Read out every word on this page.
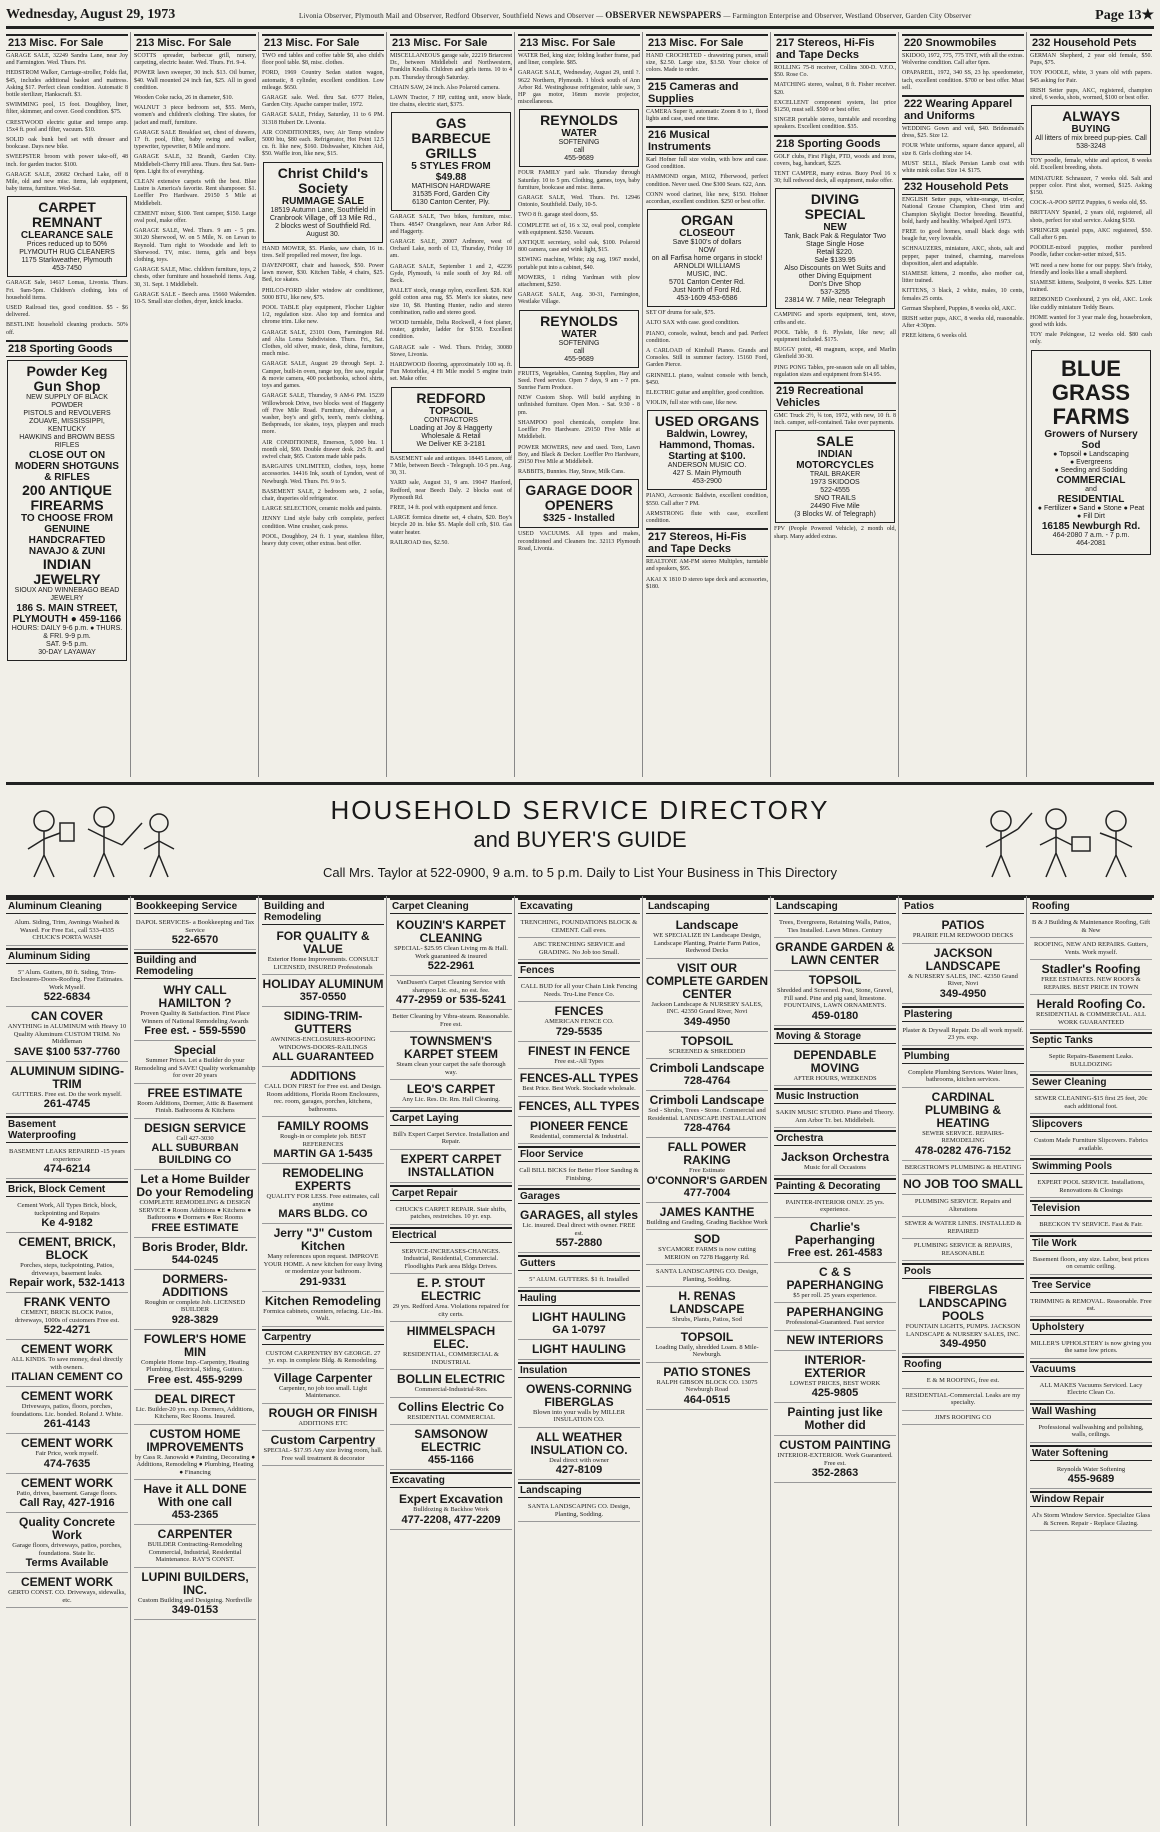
Wednesday, August 29, 1973	Livonia Observer, Plymouth Mail and Observer, Redford Observer, Southfield News and Observer — OBSERVER NEWSPAPERS — Farmington Enterprise and Observer, Westland Observer, Garden City Observer	Page 13★
213 Misc. For Sale
GARAGE SALE, 32249 Sandra Lane, near Joy and Farmington. Wed. Thurs. Fri.
HEDSTROM Walker, Carriage-stroller, Folds flat, $45, includes additional basket and mattress. Asking $17. Perfect clean condition. Automatic 8 bottle sterilizer, Hankscraft. $3.
SWIMMING pool, 15 foot. Doughboy, liner, filter, skimmer, and cover. Good condition. $75.
CRESTWOOD electric guitar and tempo amp. 15x4 ft. pool and filter, vacuum. $10.
SOLID oak bunk bed set with dresser and bookcase. Days new bike.
SWEEPSTER broom with power take-off, 48 inch. for garden tractor. $100.
GARAGE SALE, 20682 Orchard Lake, off 8 Mile, old and new misc. items, lab equipment, baby items, furniture. Wed-Sat.
CARPET REMNANT
CLEARANCE SALE
Prices reduced up to 50%
PLYMOUTH RUG CLEANERS
1175 Starkweather, Plymouth
453-7450
GARAGE Sale, 14617 Lomas, Livonia. Thurs. Fri. 9am-5pm. Children's clothing, lots of household items.
USED Railroad ties, good condition. $5 - $6 delivered.
BESTLINE household cleaning products. 50% off.
218 Sporting Goods
Powder Keg Gun Shop
NEW SUPPLY OF BLACK POWDER
PISTOLS and REVOLVERS
ZOUAVE, MISSISSIPPI, KENTUCKY
HAWKINS and BROWN BESS RIFLES
CLOSE OUT ON MODERN SHOTGUNS & RIFLES
200 ANTIQUE FIREARMS
TO CHOOSE FROM
GENUINE HANDCRAFTED NAVAJO & ZUNI
INDIAN JEWELRY
SIOUX AND WINNEBAGO BEAD JEWELRY
186 S. MAIN STREET, PLYMOUTH ● 459-1166
HOURS: DAILY 9-6 p.m. ● THURS. & FRI. 9-9 p.m.
SAT. 9-5 p.m.
30-DAY LAYAWAY
213 Misc. For Sale
SCOTTS spreader, barbecue grill, nursery, carpeting, electric heater. Wed. Thurs. Fri. 9-4.
POWER lawn sweeper, 30 inch. $13. Oil burner, $40. Wall mounted 24 inch fan, $25. All in good condition.
Wooden Coke racks, 26 in diameter, $10.
WALNUT 3 piece bedroom set, $55. Men's, women's and children's clothing. Tire skates, for jacket and muff, furniture.
GARAGE SALE Breakfast set, chest of drawers, 17 ft. pool, filter, baby swing and walker, typewriter, typewriter, 8 Mile and more.
GARAGE SALE, 32 Brandt, Garden City. Middlebelt-Cherry Hill area. Thurs. thru Sat. 9am-6pm. Light fix of everything.
CLEAN extensive carpets with the best. Blue Lustre is America's favorite. Rent shampooer. $1. Loeffler Pro Hardware. 29150 5 Mile at Middlebelt.
CEMENT mixer, $100. Tent camper, $150. Large oval pool, make offer.
GARAGE SALE, Wed. Thurs. 9 am - 5 pm. 30120 Sherwood, W. on 5 Mile, N. on Levan to Reynold. Turn right to Woodside and left to Sherwood. TV, misc. items, girls and boys clothing, toys.
GARAGE SALE, Misc. children furniture, toys, 2 chests, other furniture and household items. Aug. 30, 31. Sept. 1 Middlebelt.
GARAGE SALE - Beech area. 15660 Wakenden. 10-5. Small size clothes, dryer, knick knacks.
213 Misc. For Sale
TWO end tables and coffee table $8, also child's floor pool table. $8, misc. clothes.
FORD, 1969 Country Sedan station wagon, automatic, 8 cylinder, excellent condition. Low mileage. $650.
GARAGE sale. Wed. thru Sat. 6777 Helen, Garden City. Apache camper trailer, 1972.
GARAGE SALE, Friday, Saturday, 11 to 6 PM. 31318 Hubert Dr. Livonia.
AIR CONDITIONERS, two; Air Temp window 5000 btu, $80 each. Refrigerator, Hot Point 12.5 cu. ft. like new, $160. Dishwasher, Kitchen Aid, $50. Waffle iron, like new, $15.
Christ Child's Society
RUMMAGE SALE
18519 Autumn Lane, Southfield in Cranbrook Village, off 13 Mile Rd., 2 blocks west of Southfield Rd. August 30.
HAND MOWER, $5. Planks, saw chain, 16 in. tires. Self propelled reel mower, fire logs.
DAVENPORT, chair and hassock, $50. Power lawn mower, $30. Kitchen Table, 4 chairs, $25. Bed, ice skates.
PHILCO-FORD slider window air conditioner, 5000 BTU, like new, $75.
POOL TABLE play equipment, Flocher Lighter 1/2, regulation size. Also top and formica and chrome trim. Like new.
GARAGE SALE, 23101 Oom, Farmington Rd. and Alta Loma Subdivision. Thurs. Fri., Sat. Clothes, old silver, music, desk, china, furniture, much misc.
GARAGE SALE, August 29 through Sept. 2. Camper, built-in oven, range top, fire saw, regular & movie camera, 400 pocketbooks, school shirts, toys and games.
GARAGE SALE, Thursday, 9 AM-6 PM. 15239 Willowbrook Drive, two blocks west of Haggerty off Five Mile Road. Furniture, dishwasher, a washer, boy's and girl's, teen's, men's clothing. Bedspreads, ice skates, toys, playpen and much more.
AIR CONDITIONER, Emerson, 5,000 btu. 1 month old, $90. Double drawer desk. 2x5 ft. and swivel chair, $65. Custom made table pads.
BARGAINS UNLIMITED, clothes, toys, home accessories. 14416 Ink, south of Lyndon, west of Newburgh. Wed. Thurs. Fri. 9 to 5.
BASEMENT SALE, 2 bedroom sets, 2 sofas, chair, draperies old refrigerator.
LARGE SELECTION, ceramic molds and paints.
JENNY Lind style baby crib complete, perfect condition. Wine crusher, cask press.
POOL, Doughboy, 24 ft. 1 year, stainless filter, heavy duty cover, other extras. best offer.
213 Misc. For Sale
MISCELLANEOUS garage sale, 22219 Briarcrest Dr., between Middlebelt and Northwestern, Franklin Knolls. Children and girls items. 10 to 4 p.m. Thursday through Saturday.
CHAIN SAW, 24 inch. Also Polaroid camera.
LAWN Tractor, 7 HP, cutting unit, snow blade, tire chains, electric start, $375.
GAS BARBECUE GRILLS
5 STYLES FROM $49.88
MATHISON HARDWARE
31535 Ford, Garden City
6130 Canton Center, Ply.
GARAGE SALE, Two bikes, furniture, misc. Thurs. 48547 Orangelawn, near Ann Arbor Rd. and Haggerty.
GARAGE SALE, 20007 Ardmore, west of Orchard Lake, north of 13, Thursday, Friday 10 am.
GARAGE SALE, September 1 and 2, 42236 Gyde, Plymouth, ¼ mile south of Joy Rd. off Beck.
PALLET stock, orange nylon, excellent. $28. Kid gold cotton area rug, $5. Men's ice skates, new size 10, $8. Hunting Hunter, radio and stereo combination, radio and stereo good.
WOOD turntable, Delta Rockwell, 4 foot planer, router, grinder, ladder for $150. Excellent condition.
GARAGE sale - Wed. Thurs. Friday, 30080 Stowe, Livonia.
HARDWOOD flooring, approximately 100 sq. ft. Fun Motorbike, 4 Hi Mile model 5 engine train set. Make offer.
REDFORD
TOPSOIL
CONTRACTORS
Loading at Joy & Haggerty
Wholesale & Retail
We Deliver KE 3-2181
BASEMENT sale and antiques. 18445 Lenore, off 7 Mile, between Beech - Telegraph. 10-5 pm. Aug. 30, 31.
YARD sale, August 31, 9 am. 19047 Hanford, Redford, near Beech Daly. 2 blocks east of Plymouth Rd.
FREE, 14 ft. pool with equipment and fence.
LARGE formica dinette set, 4 chairs, $20. Boy's bicycle 20 in. bike $5. Maple doll crib, $10. Gas water heater.
RAILROAD ties, $2.50.
213 Misc. For Sale
WATER Bed, king size; folding leather frame, pad and liner, complete. $85.
GARAGE SALE, Wednesday, August 29, until ?. 9622 Northern, Plymouth. 1 block south of Ann Arbor Rd. Westinghouse refrigerator, table saw, 3 HP gas motor, 16mm movie projector, miscellaneous.
REYNOLDS
WATER
SOFTENING
call
455-9689
FOUR FAMILY yard sale. Thursday through Saturday. 10 to 5 pm. Clothing, games, toys, baby furniture, bookcase and misc. items.
GARAGE SALE, Wed. Thurs. Fri. 12946 Ontonio, Southfield. Daily, 10-5.
TWO 8 ft. garage steel doors, $5.
COMPLETE set of, 16 x 32, oval pool, complete with equipment. $250. Vacuum.
ANTIQUE secretary, solid oak, $100. Polaroid 800 camera, case and wink light, $15.
SEWING machine, White; zig zag, 1967 model, portable put into a cabinet, $40.
MOWERS, 1 riding Yardman with plow attachment, $250.
GARAGE SALE, Aug. 30-31, Farmington, Westlake Village.
REYNOLDS
WATER
SOFTENING
call
455-9689
FRUITS, Vegetables, Canning Supplies, Hay and Seed. Feed service. Open 7 days, 9 am - 7 pm. Sunrise Farm Produce.
NEW Custom Shop. Will build anything in unfinished furniture. Open Mon. - Sat. 9:30 - 8 pm.
SHAMPOO pool chemicals, complete line. Loeffler Pro Hardware. 29150 Five Mile at Middlebelt.
POWER MOWERS, new and used. Toro, Lawn Boy, and Black & Decker. Loeffler Pro Hardware, 29150 Five Mile at Middlebelt.
RABBITS, Bunnies. Hay, Straw, Milk Cans.
GARAGE DOOR OPENERS
$325 - Installed
USED VACUUMS. All types and makes, reconditioned and Cleaners Inc. 32113 Plymouth Road, Livonia.
213 Misc. For Sale
HAND CROCHETED - drawstring purses, small size, $2.50. Large size, $3.50. Your choice of colors. Made to order.
215 Cameras and Supplies
CAMERA Super 8, automatic Zoom 8 to 1, flood lights and case, used one time.
216 Musical Instruments
Karl Hofner full size violin, with bow and case. Good condition.
HAMMOND organ, M102, Fiberwood, perfect condition. Never used. One $300 Sears. 622, Ann.
CONN wood clarinet, like new, $150. Hohner accordian, excellent condition. $250 or best offer.
ORGAN
CLOSEOUT
Save $100's of dollars
NOW
on all Farfisa home organs in stock!
ARNOLDI WILLIAMS
MUSIC, INC.
5701 Canton Center Rd.
Just North of Ford Rd.
453-1609 453-6586
SET OF drums for sale, $75.
ALTO SAX with case. good condition.
PIANO, console, walnut, bench and pad. Perfect condition.
A CARLOAD of Kimball Pianos. Grands and Consoles. Still in summer factory. 15160 Ford, Garden Pierce.
GRINNELL piano, walnut console with bench, $450.
ELECTRIC guitar and amplifier, good condition.
VIOLIN, full size with case, like new.
USED ORGANS
Baldwin, Lowrey, Hammond, Thomas. Starting at $100.
ANDERSON MUSIC CO.
427 S. Main Plymouth
453-2900
PIANO, Acrosonic Baldwin, excellent condition, $550. Call after 7 PM.
ARMSTRONG flute with case, excellent condition.
217 Stereos, Hi-Fis and Tape Decks
REALTONE AM-FM stereo Multiplex, turntable and speakers, $95.
AKAI X 1810 D stereo tape deck and accessories, $180.
217 Stereos, Hi-Fis and Tape Decks
ROLLING 75-8 receiver, Collins 300-D. V.F.O., $50. Rose Co.
MATCHING stereo, walnut, 8 ft. Fisher receiver. $20.
EXCELLENT component system, list price $1250, must sell. $500 or best offer.
SINGER portable stereo, turntable and recording speakers. Excellent condition. $35.
218 Sporting Goods
GOLF clubs, First Flight, PTD, woods and irons, covers, bag, handcart, $225.
TENT CAMPER, many extras. Buoy Pool 16 x 30; full redwood deck, all equipment, make offer.
DIVING SPECIAL
NEW
Tank, Back Pak & Regulator Two Stage Single Hose
Retail $220.
Sale $139.95
Also Discounts on Wet Suits and other Diving Equipment
Don's Dive Shop
537-3255
23814 W. 7 Mile, near Telegraph
CAMPING and sports equipment, tent, stove, cribs and etc.
POOL Table, 8 ft. Plyslate, like new; all equipment included. $175.
BUGGY point, 48 magnum, scope, and Marlin Glenfield 30-30.
PING PONG Tables, pre-season sale on all tables, regulation sizes and equipment from $14.95.
219 Recreational Vehicles
GMC Truck 2½, ¾ ton, 1972, with new, 10 ft. 8 inch. camper, self-contained. Take over payments.
SALE
INDIAN MOTORCYCLES
TRAIL BRAKER
1973 SKIDOOS
522-4555
SNO TRAILS
24490 Five Mile
(3 Blocks W. of Telegraph)
FPV (People Powered Vehicle), 2 month old, sharp. Many added extras.
220 Snowmobiles
SKIDOO, 1972, 775, 775 TNT, with all the extras. Wolverine condition. Call after 6pm.
OPAPAREIL, 1972, 340 SS, 23 hp. speedometer, tach, excellent condition. $700 or best offer. Must sell.
222 Wearing Apparel and Uniforms
WEDDING Gown and veil, $40. Bridesmaid's dress, $25. Size 12.
FOUR White uniforms, square dance apparel, all size 8. Girls clothing size 14.
MUST SELL, Black Persian Lamb coat with white mink collar. Size 14. $175.
232 Household Pets
ENGLISH Setter pups, white-orange, tri-color, National Grouse Champion, Chest trim and Champion Skylight Doctor breeding. Beautiful, bold, hardy and healthy. Whelped April 1973.
FREE to good homes, small black dogs with beagle fur, very loveable.
SCHNAUZERS, miniature, AKC, shots, salt and pepper, paper trained, charming, marvelous disposition, alert and adaptable.
SIAMESE kittens, 2 months, also mother cat, litter trained.
KITTENS, 3 black, 2 white, males, 10 cents, females 25 cents.
German Shepherd, Puppies, 8 weeks old, AKC.
IRISH setter pups, AKC, 8 weeks old, reasonable. After 4:30pm.
FREE kittens, 6 weeks old.
232 Household Pets
GERMAN Shepherd, 2 year old female, $50. Pups, $75.
TOY POODLE, white, 3 years old with papers. $45 asking for Pair.
IRISH Setter pups, AKC, registered, champion sired, 6 weeks, shots, wormed, $100 or best offer.
ALWAYS
BUYING
All litters of mix breed pup-pies. Call
538-3248
TOY poodle, female, white and apricot, 8 weeks old. Excellent breeding, shots.
MINIATURE Schnauzer, 7 weeks old. Salt and pepper color. First shot, wormed, $125. Asking $150.
COCK-A-POO SPITZ Puppies, 6 weeks old, $5.
BRITTANY Spaniel, 2 years old, registered, all shots, perfect for stud service. Asking $150.
SPRINGER spaniel pups, AKC registered, $50. Call after 6 pm.
POODLE-mixed puppies, mother purebred Poodle, father cocker-setter mixed, $15.
WE need a new home for our puppy. She's frisky, friendly and looks like a small shepherd.
SIAMESE kittens, Sealpoint, 8 weeks. $25. Litter trained.
REDBONED Coonhound, 2 yrs old, AKC. Look like cuddly miniature Teddy Bears.
HOME wanted for 3 year male dog, housebroken, good with kids.
TOY male Pekingese, 12 weeks old. $80 cash only.
BLUE GRASS
FARMS
Growers of Nursery Sod
● Topsoil ● Landscaping
● Evergreens
● Seeding and Sodding
COMMERCIAL
and
RESIDENTIAL
● Fertilizer ● Sand ● Stone ● Peat ● Fill Dirt
16185 Newburgh Rd.
464-2080 7 a.m. - 7 p.m.
464-2081
HOUSEHOLD SERVICE DIRECTORY
and BUYER'S GUIDE
Call Mrs. Taylor at 522-0900, 9 a.m. to 5 p.m. Daily to List Your Business in This Directory
Aluminum Cleaning
Alum. Siding, Trim, Awnings Washed & Waxed. For Free Est., call 533-4335 CHUCK'S PORTA WASH
Aluminum Siding
5" Alum. Gutters, 80 ft. Siding, Trim-Enclosures-Doors-Roofing. Free Estimates. Work Myself.
522-6834
CAN COVER
ANYTHING in ALUMINUM with Heavy 10 Quality Aluminum CUSTOM TRIM. No Middleman
SAVE $100 537-7760
ALUMINUM SIDING-TRIM
GUTTERS. Free est. Do the work myself.
261-4745
Basement Waterproofing
BASEMENT LEAKS REPAIRED -15 years experience
474-6214
Brick, Block Cement
Cement Work, All Types Brick, block, tuckpointing and Repairs
Ke 4-9182
CEMENT, BRICK, BLOCK
Porches, steps, tuckpointing, Patios, driveways, basement leaks.
Repair work, 532-1413
FRANK VENTO
CEMENT, BRICK BLOCK Patios, driveways, 1000s of customers Free est.
522-4271
CEMENT WORK
ALL KINDS. To save money, deal directly with owners.
ITALIAN CEMENT CO
CEMENT WORK
Driveways, patios, floors, porches, foundations. Lic. bonded. Roland J. White.
261-4143
CEMENT WORK
Fair Price, work myself.
474-7635
CEMENT WORK
Patio, drives, basement. Garage floors.
Call Ray, 427-1916
Quality Concrete Work
Garage floors, driveways, patios, porches, foundations. State lic.
Terms Available
CEMENT WORK
GERTO CONST. CO. Driveways, sidewalks, etc.
Bookkeeping Service
DAPOL SERVICES- a Bookkeeping and Tax Service
522-6570
Building and Remodeling
WHY CALL HAMILTON ?
Proven Quality & Satisfaction. First Place Winners of National Remodeling Awards
Free est. - 559-5590
Special
Summer Prices. Let a Builder do your Remodeling and SAVE! Quality workmanship for over 20 years
FREE ESTIMATE
Room Additions, Dormer, Attic & Basement Finish. Bathrooms & Kitchens
DESIGN SERVICE
Call 427-3030
ALL SUBURBAN BUILDING CO
Let a Home Builder Do your Remodeling
COMPLETE REMODELING & DESIGN SERVICE ● Room Additions ● Kitchens ● Bathrooms ● Dormers ● Rec Rooms
FREE ESTIMATE
Boris Broder, Bldr.
544-0245
DORMERS-ADDITIONS
Roughin or complete Job. LICENSED BUILDER
928-3829
FOWLER'S HOME MIN
Complete Home Imp.-Carpentry, Heating Plumbing, Electrical, Siding, Gutters.
Free est. 455-9299
DEAL DIRECT
Lic. Builder-20 yrs. exp. Dormers, Additions, Kitchens, Rec Rooms. Insured.
CUSTOM HOME IMPROVEMENTS
by Cass R. Janowski ● Painting, Decorating ● Additions, Remodeling ● Plumbing, Heating ● Financing
Have it ALL DONE With one call
453-2365
CARPENTER
BUILDER Contracting-Remodeling Commercial, Industrial, Residential Maintenance. RAY'S CONST.
LUPINI BUILDERS, INC.
Custom Building and Designing. Northville
349-0153
Building and Remodeling
FOR QUALITY & VALUE
Exterior Home Improvements. CONSULT LICENSED, INSURED Professionals
HOLIDAY ALUMINUM
357-0550
SIDING-TRIM-GUTTERS
AWNINGS-ENCLOSURES-ROOFING WINDOWS-DOORS-RAILINGS
ALL GUARANTEED
ADDITIONS
CALL DON FIRST for Free est. and Design. Room additions, Florida Room Enclosures, rec. room, garages, porches, kitchens, bathrooms.
FAMILY ROOMS
Rough-in or complete job. BEST REFERENCES
MARTIN GA 1-5435
REMODELING EXPERTS
QUALITY FOR LESS. Free estimates, call anytime
MARS BLDG. CO
Jerry "J" Custom Kitchen
Many references upon request. IMPROVE YOUR HOME. A new kitchen for easy living or modernize your bathroom.
291-9331
Kitchen Remodeling
Formica cabinets, counters, refacing. Lic.-Ins. Walt.
Carpentry
CUSTOM CARPENTRY BY GEORGE. 27 yr. exp. in complete Bldg. & Remodeling.
Village Carpenter
Carpenter, no job too small. Light Maintenance.
ROUGH OR FINISH
ADDITIONS ETC
Custom Carpentry
SPECIAL- $17.95 Any size living room, hall. Free wall treatment & decorator
Carpet Cleaning
KOUZIN'S KARPET CLEANING
SPECIAL- $25.95 Clean Living rm & Hall. Work guaranteed & insured
522-2961
VanDusen's Carpet Cleaning Service with shampoo Lic. est., no est. fee.
477-2959 or 535-5241
Better Cleaning by Vibra-steam. Reasonable. Free est.
TOWNSMEN'S KARPET STEEM
Steam clean your carpet the safe thorough way.
LEO'S CARPET
Any Lic. Res. Dr. Rm. Hall Cleaning.
Carpet Laying
Bill's Expert Carpet Service. Installation and Repair.
EXPERT CARPET INSTALLATION
Carpet Repair
CHUCK'S CARPET REPAIR. Stair shifts, patches, restretches. 10 yr. exp.
Electrical
SERVICE-INCREASES-CHANGES. Industrial, Residential, Commercial. Floodlights Park area Bldgs Drives.
E. P. STOUT ELECTRIC
29 yrs. Redford Area. Violations repaired for city certs.
HIMMELSPACH ELEC.
RESIDENTIAL, COMMERCIAL & INDUSTRIAL
BOLLIN ELECTRIC
Commercial-Industrial-Res.
Collins Electric Co
RESIDENTIAL COMMERCIAL
SAMSONOW ELECTRIC
455-1166
Excavating
Expert Excavation
Bulldozing & Backhoe Work
477-2208, 477-2209
Excavating
TRENCHING, FOUNDATIONS BLOCK & CEMENT. Call eves.
ABC TRENCHING SERVICE and GRADING. No Job too Small.
Fences
CALL BUD for all your Chain Link Fencing Needs. Tru-Line Fence Co.
FENCES
AMERICAN FENCE CO.
729-5535
FINEST IN FENCE
Free est.-All Types
FENCES-ALL TYPES
Best Price. Best Work. Stockade wholesale.
FENCES, ALL TYPES
PIONEER FENCE
Residential, commercial & Industrial.
Floor Service
Call BILL BICKS for Better Floor Sanding & Finishing.
Garages
GARAGES, all styles
Lic. insured. Deal direct with owner. FREE est.
557-2880
Gutters
5" ALUM. GUTTERS. $1 ft. Installed
Hauling
LIGHT HAULING
GA 1-0797
LIGHT HAULING
Insulation
OWENS-CORNING FIBERGLAS
Blown into your walls by MILLER INSULATION CO.
ALL WEATHER INSULATION CO.
Deal direct with owner
427-8109
Landscaping
SANTA LANDSCAPING CO. Design, Planting, Sodding.
Landscaping
Landscape
WE SPECIALIZE IN Landscape Design, Landscape Planting, Prairie Farm Patios, Redwood Decks
VISIT OUR COMPLETE GARDEN CENTER
Jackson Landscape & NURSERY SALES, INC. 42350 Grand River, Novi
349-4950
TOPSOIL
SCREENED & SHREDDED
Crimboli Landscape
728-4764
Crimboli Landscape
Sod - Shrubs, Trees - Stone. Commercial and Residential. LANDSCAPE INSTALLATION
728-4764
FALL POWER RAKING
Free Estimate
O'CONNOR'S GARDEN 477-7004
JAMES KANTHE
Building and Grading, Grading Backhoe Work
SOD
SYCAMORE FARMS is now cutting MERION on 7278 Haggerty Rd.
SANTA LANDSCAPING CO. Design, Planting, Sodding.
H. RENAS LANDSCAPE
Shrubs, Plants, Patios, Sod
TOPSOIL
Loading Daily, shredded Loam. 8 Mile-Newburgh.
PATIO STONES
RALPH GIBSON BLOCK CO. 13075 Newburgh Road
464-0515
Landscaping
Trees, Evergreens, Retaining Walls, Patios, Ties Installed. Lawn Mines. Century
GRANDE GARDEN & LAWN CENTER
TOPSOIL
Shredded and Screened. Peat, Stone, Gravel, Fill sand. Pine and pig sand, limestone. FOUNTAINS, LAWN ORNAMENTS.
459-0180
Moving & Storage
DEPENDABLE MOVING
AFTER HOURS, WEEKENDS
Music Instruction
SAKIN MUSIC STUDIO. Piano and Theory. Ann Arbor Tr. bet. Middlebelt.
Orchestra
Jackson Orchestra
Music for all Occasions
Painting & Decorating
PAINTER-INTERIOR ONLY. 25 yrs. experience.
Charlie's Paperhanging
Free est. 261-4583
C & S PAPERHANGING
$5 per roll. 25 years experience.
PAPERHANGING
Professional-Guaranteed. Fast service
NEW INTERIORS
INTERIOR-EXTERIOR
LOWEST PRICES, BEST WORK
425-9805
Painting just like Mother did
CUSTOM PAINTING
INTERIOR-EXTERIOR. Work Guaranteed. Free est.
352-2863
Patios
PATIOS
PRAIRIE FILM REDWOOD DECKS
JACKSON LANDSCAPE
& NURSERY SALES, INC. 42350 Grand River, Novi
349-4950
Plastering
Plaster & Drywall Repair. Do all work myself. 23 yrs. exp.
Plumbing
Complete Plumbing Services. Water lines, bathrooms, kitchen services.
CARDINAL PLUMBING & HEATING
SEWER SERVICE. REPAIRS-REMODELING
478-0282 476-7152
BERGSTROM'S PLUMBING & HEATING
NO JOB TOO SMALL
PLUMBING SERVICE. Repairs and Alterations
SEWER & WATER LINES. INSTALLED & REPAIRED
PLUMBING SERVICE & REPAIRS, REASONABLE
Pools
FIBERGLAS LANDSCAPING POOLS
FOUNTAIN LIGHTS, PUMPS. JACKSON LANDSCAPE & NURSERY SALES, INC.
349-4950
Roofing
E & M ROOFING, free est.
RESIDENTIAL-Commercial. Leaks are my specialty.
JIM'S ROOFING CO
Roofing
B & J Building & Maintenance Roofing, Gift & New
ROOFING, NEW AND REPAIRS. Gutters, Vents. Work myself.
Stadler's Roofing
FREE ESTIMATES. NEW ROOFS & REPAIRS. BEST PRICE IN TOWN
Herald Roofing Co.
RESIDENTIAL & COMMERCIAL. ALL WORK GUARANTEED
Septic Tanks
Septic Repairs-Basement Leaks. BULLDOZING
Sewer Cleaning
SEWER CLEANING-$15 first 25 feet, 20c each additional foot.
Slipcovers
Custom Made Furniture Slipcovers. Fabrics available.
Swimming Pools
EXPERT POOL SERVICE. Installations, Renovations & Closings
Television
BRECKON TV SERVICE. Fast & Fair.
Tile Work
Basement floors, any size. Labor, best prices on ceramic ceiling.
Tree Service
TRIMMING & REMOVAL. Reasonable. Free est.
Upholstery
MILLER'S UPHOLSTERY is now giving you the same low prices.
Vacuums
ALL MAKES Vacuums Serviced. Lacy Electric Clean Co.
Wall Washing
Professional wallwashing and polishing, walls, ceilings.
Water Softening
Reynolds Water Softening
455-9689
Window Repair
Al's Storm Window Service. Specialize Glass & Screen. Repair - Replace Glazing.
